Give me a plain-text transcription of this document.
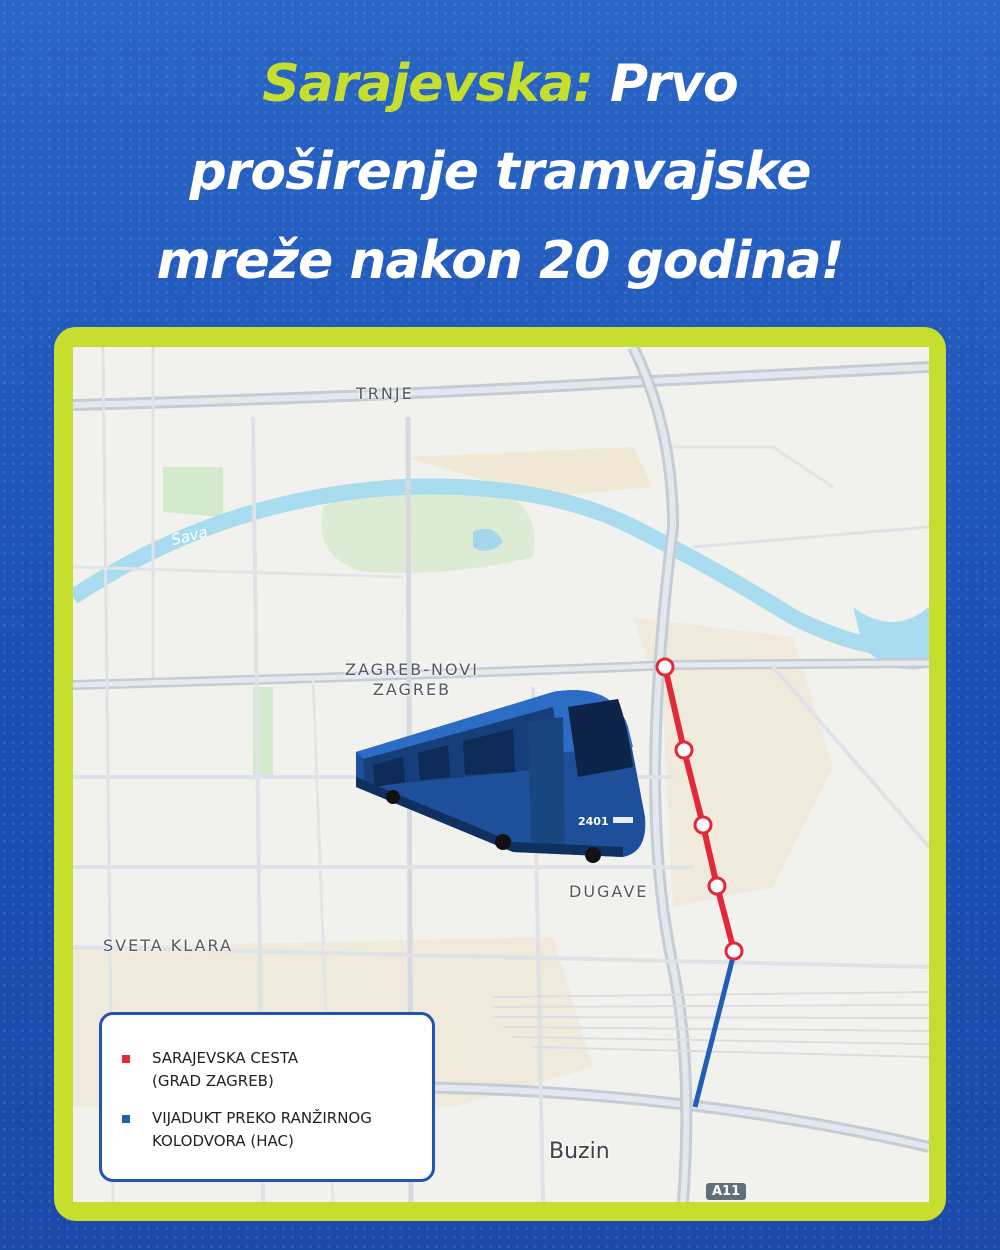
Sarajevska: Prvo
proširenje tramvajske
mreže nakon 20 godina!
2401
TRNJE
ZAGREB-NOVI
ZAGREB
DUGAVE
SVETA KLARA
Buzin
Sava
A11
SARAJEVSKA CESTA
(GRAD ZAGREB)
VIJADUKT PREKO RANŽIRNOG
KOLODVORA (HAC)
